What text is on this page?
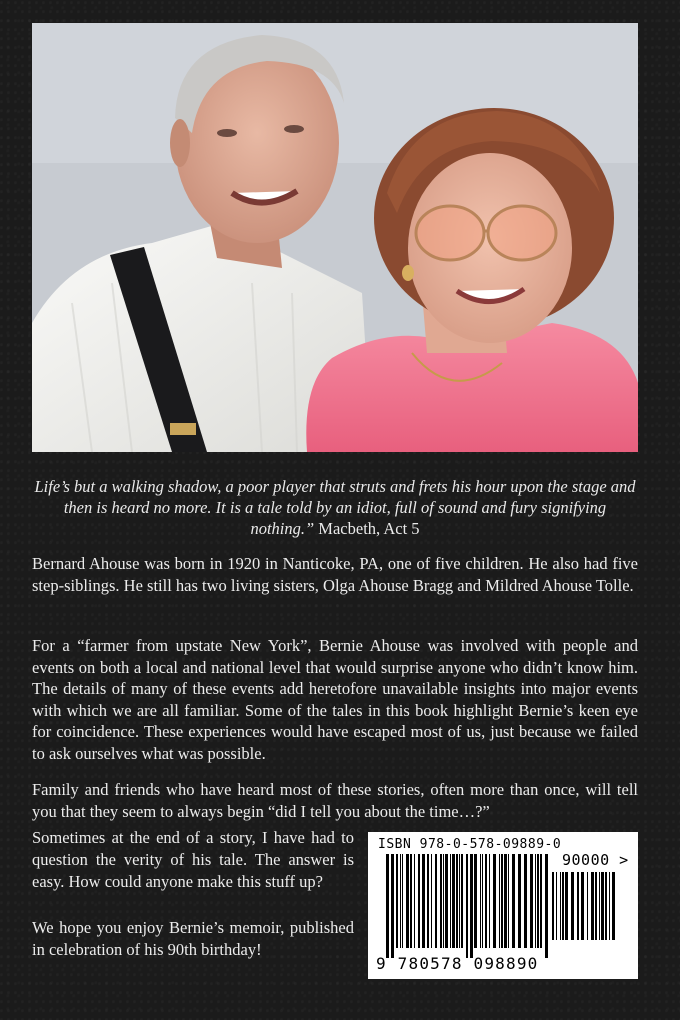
Life’s but a walking shadow, a poor player that struts and frets his hour upon the stage and then is heard no more. It is a tale told by an idiot, full of sound and fury signifying nothing.” Macbeth, Act 5

Bernard Ahouse was born in 1920 in Nanticoke, PA, one of five children. He also had five step-siblings. He still has two living sisters, Olga Ahouse Bragg and Mildred Ahouse Tolle.

For a “farmer from upstate New York”, Bernie Ahouse was involved with people and events on both a local and national level that would surprise anyone who didn’t know him. The details of many of these events add heretofore unavailable insights into major events with which we are all familiar. Some of the tales in this book highlight Bernie’s keen eye for coincidence. These experiences would have escaped most of us, just because we failed to ask ourselves what was possible.

Family and friends who have heard most of these stories, often more than once, will tell you that they seem to always begin “did I tell you about the time…?”

Sometimes at the end of a story, I have had to question the verity of his tale. The answer is easy. How could anyone make this stuff up?

We hope you enjoy Bernie’s memoir, published in celebration of his 90th birthday!

ISBN 978-0-578-09889-0
90000 >
9 780578 098890
